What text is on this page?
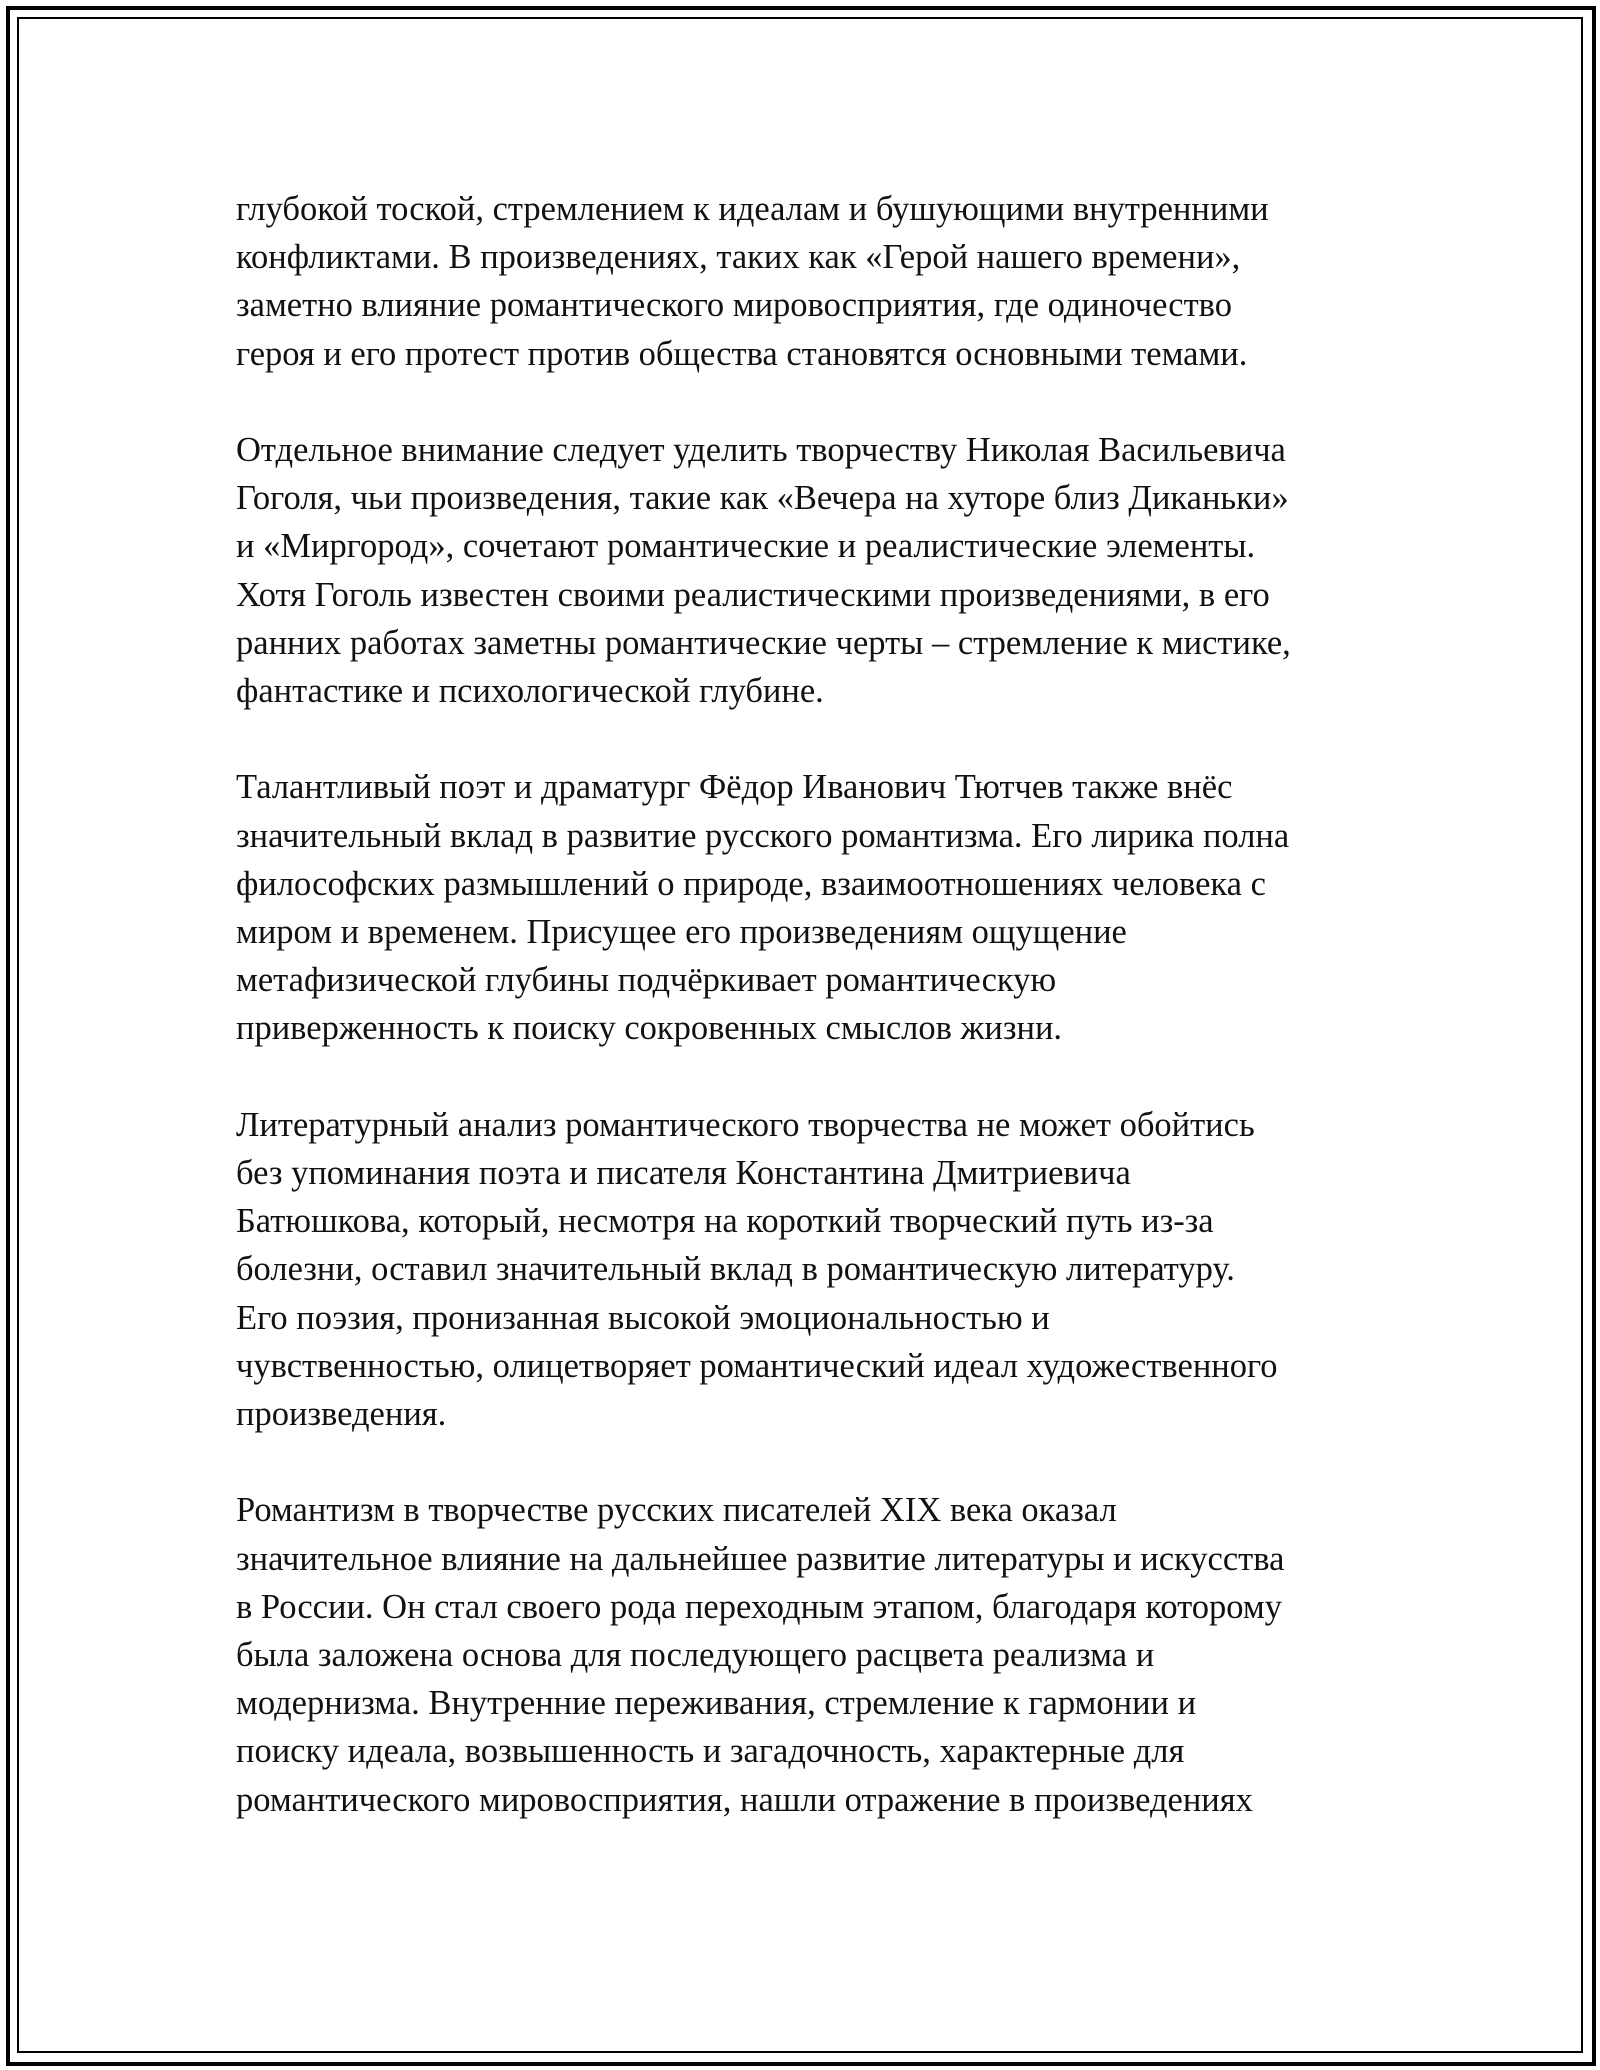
глубокой тоской, стремлением к идеалам и бушующими внутренними
конфликтами. В произведениях, таких как «Герой нашего времени»,
заметно влияние романтического мировосприятия, где одиночество
героя и его протест против общества становятся основными темами.

Отдельное внимание следует уделить творчеству Николая Васильевича
Гоголя, чьи произведения, такие как «Вечера на хуторе близ Диканьки»
и «Миргород», сочетают романтические и реалистические элементы.
Хотя Гоголь известен своими реалистическими произведениями, в его
ранних работах заметны романтические черты – стремление к мистике,
фантастике и психологической глубине.

Талантливый поэт и драматург Фёдор Иванович Тютчев также внёс
значительный вклад в развитие русского романтизма. Его лирика полна
философских размышлений о природе, взаимоотношениях человека с
миром и временем. Присущее его произведениям ощущение
метафизической глубины подчёркивает романтическую
приверженность к поиску сокровенных смыслов жизни.

Литературный анализ романтического творчества не может обойтись
без упоминания поэта и писателя Константина Дмитриевича
Батюшкова, который, несмотря на короткий творческий путь из-за
болезни, оставил значительный вклад в романтическую литературу.
Его поэзия, пронизанная высокой эмоциональностью и
чувственностью, олицетворяет романтический идеал художественного
произведения.

Романтизм в творчестве русских писателей XIX века оказал
значительное влияние на дальнейшее развитие литературы и искусства
в России. Он стал своего рода переходным этапом, благодаря которому
была заложена основа для последующего расцвета реализма и
модернизма. Внутренние переживания, стремление к гармонии и
поиску идеала, возвышенность и загадочность, характерные для
романтического мировосприятия, нашли отражение в произведениях
